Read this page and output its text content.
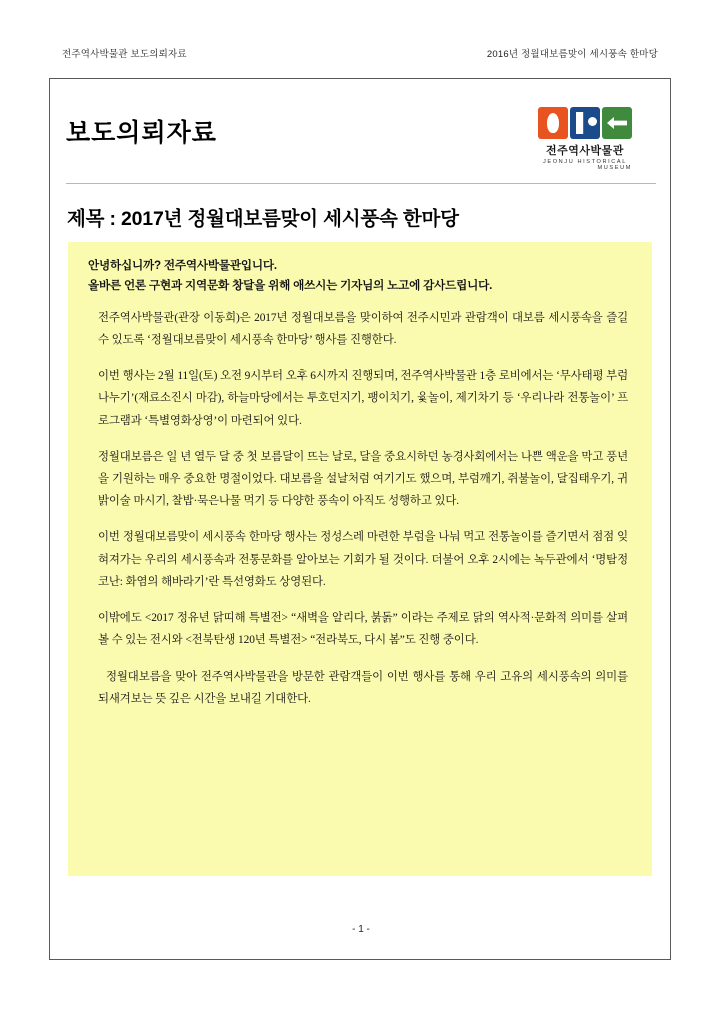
전주역사박물관 보도의뢰자료	2016년 정월대보름맞이 세시풍속 한마당
보도의뢰자료
전주역사박물관
JEONJU HISTORICAL
MUSEUM
제목 : 2017년 정월대보름맞이 세시풍속 한마당
안녕하십니까? 전주역사박물관입니다.
올바른 언론 구현과 지역문화 창달을 위해 애쓰시는 기자님의 노고에 감사드립니다.

전주역사박물관(관장 이동희)은 2017년 정월대보름을 맞이하여 전주시민과 관람객이 대보름 세시풍속을 즐길 수 있도록 ‘정월대보름맞이 세시풍속 한마당’ 행사를 진행한다.

이번 행사는 2월 11일(토) 오전 9시부터 오후 6시까지 진행되며, 전주역사박물관 1층 로비에서는 ‘무사태평 부럼나누기’(재료소진시 마감), 하늘마당에서는 투호던지기, 팽이치기, 윷놀이, 제기차기 등 ‘우리나라 전통놀이’ 프로그램과 ‘특별영화상영’이 마련되어 있다.

정월대보름은 일 년 열두 달 중 첫 보름달이 뜨는 날로, 달을 중요시하던 농경사회에서는 나쁜 액운을 막고 풍년을 기원하는 매우 중요한 명절이었다. 대보름을 설날처럼 여기기도 했으며, 부럼깨기, 쥐불놀이, 달집태우기, 귀밝이술 마시기, 찰밥·묵은나물 먹기 등 다양한 풍속이 아직도 성행하고 있다.

이번 정월대보름맞이 세시풍속 한마당 행사는 정성스레 마련한 부럼을 나눠 먹고 전통놀이를 즐기면서 점점 잊혀져가는 우리의 세시풍속과 전통문화를 알아보는 기회가 될 것이다. 더불어 오후 2시에는 녹두관에서 ‘명탐정 코난: 화염의 해바라기’란 특선영화도 상영된다.

이밖에도 <2017 정유년 닭띠해 특별전> “새벽을 알리다, 붉돍” 이라는 주제로 닭의 역사적·문화적 의미를 살펴볼 수 있는 전시와 <전북탄생 120년 특별전> “전라북도, 다시 봄”도 진행 중이다.

정월대보름을 맞아 전주역사박물관을 방문한 관람객들이 이번 행사를 통해 우리 고유의 세시풍속의 의미를 되새겨보는 뜻 깊은 시간을 보내길 기대한다.

- 1 -
